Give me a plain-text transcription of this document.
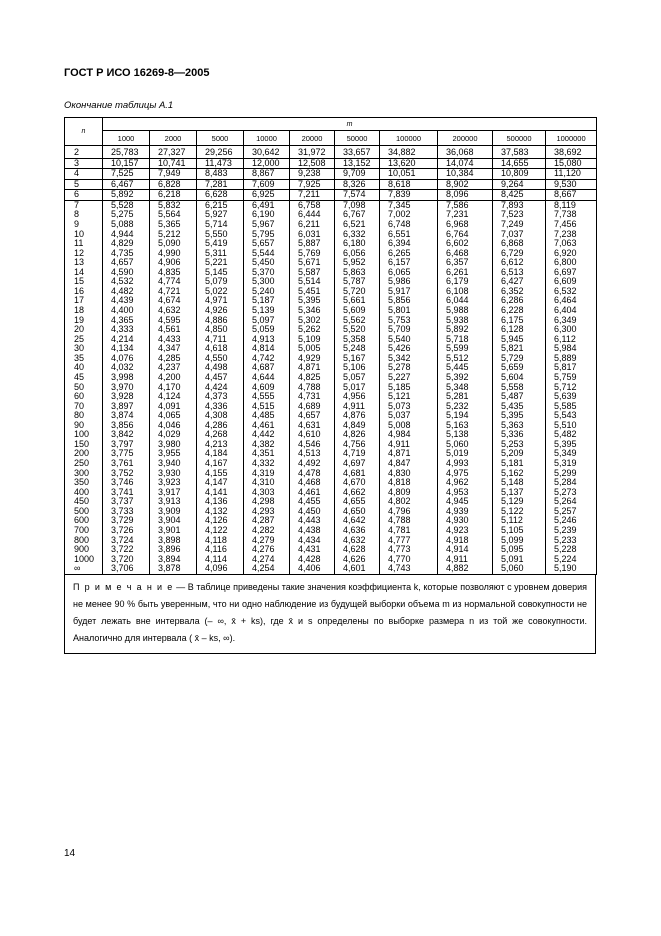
ГОСТ Р ИСО 16269-8—2005
Окончание таблицы А.1
n	m									
	1000	2000	5000	10000	20000	50000	100000	200000	500000	1000000
2	25,783	27,327	29,256	30,642	31,972	33,657	34,882	36,068	37,583	38,692
3	10,157	10,741	11,473	12,000	12,508	13,152	13,620	14,074	14,655	15,080
4	7,525	7,949	8,483	8,867	9,238	9,709	10,051	10,384	10,809	11,120
5	6,467	6,828	7,281	7,609	7,925	8,326	8,618	8,902	9,264	9,530
6	5,892	6,218	6,628	6,925	7,211	7,574	7,839	8,096	8,425	8,667
7	5,528	5,832	6,215	6,491	6,758	7,098	7,345	7,586	7,893	8,119
8	5,275	5,564	5,927	6,190	6,444	6,767	7,002	7,231	7,523	7,738
9	5,088	5,365	5,714	5,967	6,211	6,521	6,748	6,968	7,249	7,456
10	4,944	5,212	5,550	5,795	6,031	6,332	6,551	6,764	7,037	7,238
11	4,829	5,090	5,419	5,657	5,887	6,180	6,394	6,602	6,868	7,063
12	4,735	4,990	5,311	5,544	5,769	6,056	6,265	6,468	6,729	6,920
13	4,657	4,906	5,221	5,450	5,671	5,952	6,157	6,357	6,612	6,800
14	4,590	4,835	5,145	5,370	5,587	5,863	6,065	6,261	6,513	6,697
15	4,532	4,774	5,079	5,300	5,514	5,787	5,986	6,179	6,427	6,609
16	4,482	4,721	5,022	5,240	5,451	5,720	5,917	6,108	6,352	6,532
17	4,439	4,674	4,971	5,187	5,395	5,661	5,856	6,044	6,286	6,464
18	4,400	4,632	4,926	5,139	5,346	5,609	5,801	5,988	6,228	6,404
19	4,365	4,595	4,886	5,097	5,302	5,562	5,753	5,938	6,175	6,349
20	4,333	4,561	4,850	5,059	5,262	5,520	5,709	5,892	6,128	6,300
25	4,214	4,433	4,711	4,913	5,109	5,358	5,540	5,718	5,945	6,112
30	4,134	4,347	4,618	4,814	5,005	5,248	5,426	5,599	5,821	5,984
35	4,076	4,285	4,550	4,742	4,929	5,167	5,342	5,512	5,729	5,889
40	4,032	4,237	4,498	4,687	4,871	5,106	5,278	5,445	5,659	5,817
45	3,998	4,200	4,457	4,644	4,825	5,057	5,227	5,392	5,604	5,759
50	3,970	4,170	4,424	4,609	4,788	5,017	5,185	5,348	5,558	5,712
60	3,928	4,124	4,373	4,555	4,731	4,956	5,121	5,281	5,487	5,639
70	3,897	4,091	4,336	4,515	4,689	4,911	5,073	5,232	5,435	5,585
80	3,874	4,065	4,308	4,485	4,657	4,876	5,037	5,194	5,395	5,543
90	3,856	4,046	4,286	4,461	4,631	4,849	5,008	5,163	5,363	5,510
100	3,842	4,029	4,268	4,442	4,610	4,826	4,984	5,138	5,336	5,482
150	3,797	3,980	4,213	4,382	4,546	4,756	4,911	5,060	5,253	5,395
200	3,775	3,955	4,184	4,351	4,513	4,719	4,871	5,019	5,209	5,349
250	3,761	3,940	4,167	4,332	4,492	4,697	4,847	4,993	5,181	5,319
300	3,752	3,930	4,155	4,319	4,478	4,681	4,830	4,975	5,162	5,299
350	3,746	3,923	4,147	4,310	4,468	4,670	4,818	4,962	5,148	5,284
400	3,741	3,917	4,141	4,303	4,461	4,662	4,809	4,953	5,137	5,273
450	3,737	3,913	4,136	4,298	4,455	4,655	4,802	4,945	5,129	5,264
500	3,733	3,909	4,132	4,293	4,450	4,650	4,796	4,939	5,122	5,257
600	3,729	3,904	4,126	4,287	4,443	4,642	4,788	4,930	5,112	5,246
700	3,726	3,901	4,122	4,282	4,438	4,636	4,781	4,923	5,105	5,239
800	3,724	3,898	4,118	4,279	4,434	4,632	4,777	4,918	5,099	5,233
900	3,722	3,896	4,116	4,276	4,431	4,628	4,773	4,914	5,095	5,228
1000	3,720	3,894	4,114	4,274	4,428	4,626	4,770	4,911	5,091	5,224
∞	3,706	3,878	4,096	4,254	4,406	4,601	4,743	4,882	5,060	5,190
П р и м е ч а н и е — В таблице приведены такие значения коэффициента k, которые позволяют с уровнем доверия не менее 90 % быть уверенным, что ни одно наблюдение из будущей выборки объема m из нормальной совокупности не будет лежать вне интервала (– ∞, x̄ + ks), где x̄ и s определены по выборке размера n из той же совокупности. Аналогично для интервала ( x̄ – ks, ∞).
14
